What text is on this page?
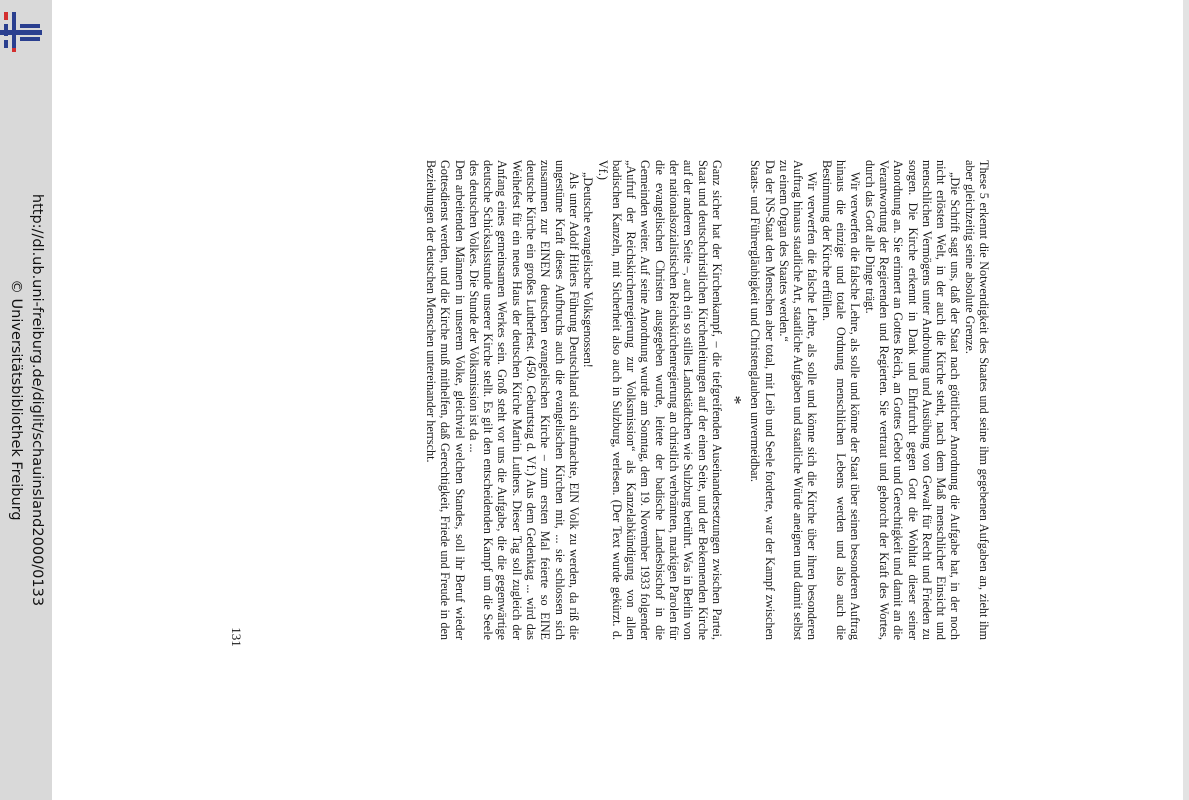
http://dl.ub.uni-freiburg.de/diglit/schauinsland2000/0133
© Universitätsbibliothek Freiburg	These 5 erkennt die Notwendigkeit des Staates und seine ihm gegebenen Aufgaben an, zieht ihm aber gleichzeitig seine absolute Grenze.

„Die Schrift sagt uns, daß der Staat nach göttlicher Anordnung die Aufgabe hat, in der noch nicht erlösten Welt, in der auch die Kirche steht, nach dem Maß menschlicher Einsicht und menschlichen Vermögens unter Androhung und Ausübung von Gewalt für Recht und Frieden zu sorgen. Die Kirche erkennt in Dank und Ehrfurcht gegen Gott die Wohltat dieser seiner Anordnung an. Sie erinnert an Gottes Reich, an Gottes Gebot und Gerechtigkeit und damit an die Verantwortung der Regierenden und Regierten. Sie vertraut und gehorcht der Kraft des Wortes, durch das Gott alle Dinge trägt.

Wir verwerfen die falsche Lehre, als solle und könne der Staat über seinen besonderen Auftrag hinaus die einzige und totale Ordnung menschlichen Lebens werden und also auch die Bestimmung der Kirche erfüllen.

Wir verwerfen die falsche Lehre, als solle und könne sich die Kirche über ihren besonderen Auftrag hinaus staatliche Art, staatliche Aufgaben und staatliche Würde aneignen und damit selbst zu einem Organ des Staates werden.“

Da der NS-Staat den Menschen aber total, mit Leib und Seele forderte, war der Kampf zwischen Staats- und Führergläubigkeit und Christenglauben unvermeidbar.

*

Ganz sicher hat der Kirchenkampf, – die tiefgreifenden Auseinandersetzungen zwischen Partei, Staat und deutschchristlichen Kirchenleitungen auf der einen Seite, und der Bekennenden Kirche auf der anderen Seite –, auch ein so stilles Landstädtchen wie Sulzburg berührt. Was in Berlin von der nationalsozialistischen Reichskirchenregierung an christlich verbrämten, markigen Parolen für die evangelischen Christen ausgegeben wurde, leitete der badische Landesbischof in die Gemeinden weiter. Auf seine Anordnung wurde am Sonntag, dem 19. November 1933 folgender „Aufruf der Reichskirchenregierung zur Volksmission“ als Kanzelabkündigung von allen badischen Kanzeln, mit Sicherheit also auch in Sulzburg, verlesen. (Der Text wurde gekürzt. d. Vf.)

„Deutsche evangelische Volksgenossen!

Als unter Adolf Hitlers Führung Deutschland sich aufmachte, EIN Volk zu werden, da riß die ungestüme Kraft dieses Aufbruchs auch die evangelischen Kirchen mit, ... sie schlossen sich zusammen zur EINEN deutschen evangelischen Kirche – zum ersten Mal feierte so EINE deutsche Kirche ein großes Lutherfest. (450. Geburtstag d. Vf.) Aus dem Gedenktag ... wird das Weihefest für ein neues Haus der deutschen Kirche Martin Luthers. Dieser Tag soll zugleich der Anfang eines gemeinsamen Werkes sein. Groß steht vor uns die Aufgabe, die die gegenwärtige deutsche Schicksalsstunde unserer Kirche stellt. Es gilt den entscheidenden Kampf um die Seele des deutschen Volkes. Die Stunde der Volksmission ist da ...

Den arbeitenden Männern in unserem Volke, gleichviel welchen Standes, soll ihr Beruf wieder Gottesdienst werden, und die Kirche muß mithelfen, daß Gerechtigkeit, Friede und Freude in den Beziehungen der deutschen Menschen untereinander herrscht.

131
